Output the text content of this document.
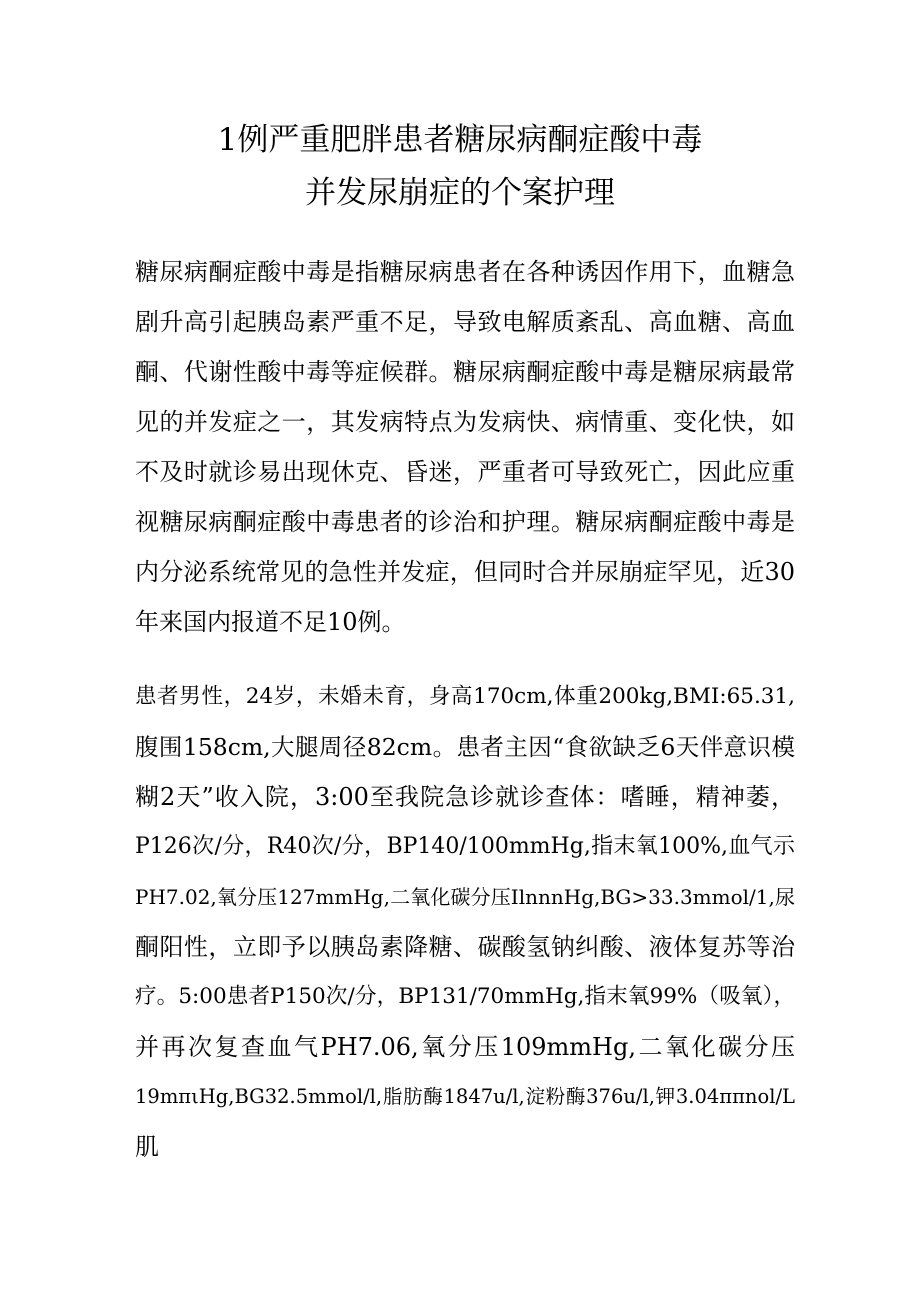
1例严重肥胖患者糖尿病酮症酸中毒
并发尿崩症的个案护理
糖尿病酮症酸中毒是指糖尿病患者在各种诱因作用下，血糖急
剧升高引起胰岛素严重不足，导致电解质紊乱、高血糖、高血
酮、代谢性酸中毒等症候群。糖尿病酮症酸中毒是糖尿病最常
见的并发症之一，其发病特点为发病快、病情重、变化快，如
不及时就诊易出现休克、昏迷，严重者可导致死亡，因此应重
视糖尿病酮症酸中毒患者的诊治和护理。糖尿病酮症酸中毒是
内分泌系统常见的急性并发症，但同时合并尿崩症罕见，近30
年来国内报道不足10例。
患者男性，24岁，未婚未育，身高170cm,体重200kg,BMI:65.31,
腹围158cm,大腿周径82cm。患者主因“食欲缺乏6天伴意识模
糊2天”收入院，3:00至我院急诊就诊查体：嗜睡，精神萎，
P126次/分，R40次/分，BP140/100mmHg,指末氧100%,血气示
PH7.02,氧分压127mmHg,二氧化碳分压IlnnnHg,BG>33.3mmol/1,尿
酮阳性，立即予以胰岛素降糖、碳酸氢钠纠酸、液体复苏等治
疗。5:00患者P150次/分，BP131/70mmHg,指末氧99%（吸氧），
并再次复查血气PH7.06,氧分压109mmHg,二氧化碳分压
19mπιHg,BG32.5mmol/l,脂肪酶1847u/l,淀粉酶376u/l,钾3.04ππnol/L
肌
